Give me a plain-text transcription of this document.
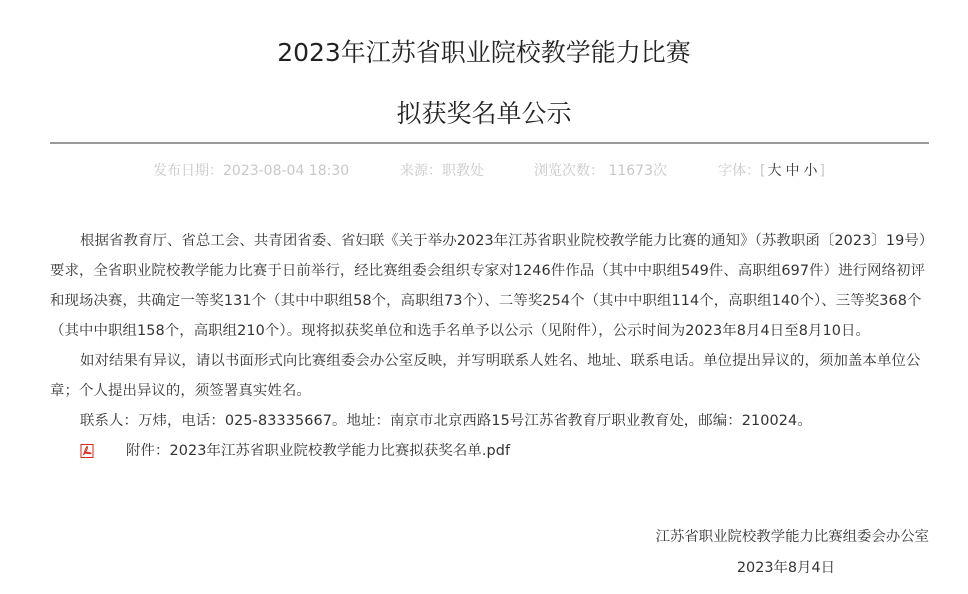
2023年江苏省职业院校教学能力比赛
拟获奖名单公示
发布日期：2023-08-04 18:30	来源：职教处	浏览次数： 11673次	字体：[ 大 中 小 ]

根据省教育厅、省总工会、共青团省委、省妇联《关于举办2023年江苏省职业院校教学能力比赛的通知》（苏教职函〔2023〕19号）要求，全省职业院校教学能力比赛于日前举行，经比赛组委会组织专家对1246件作品（其中中职组549件、高职组697件）进行网络初评和现场决赛，共确定一等奖131个（其中中职组58个，高职组73个）、二等奖254个（其中中职组114个，高职组140个）、三等奖368个（其中中职组158个，高职组210个）。现将拟获奖单位和选手名单予以公示（见附件），公示时间为2023年8月4日至8月10日。

如对结果有异议，请以书面形式向比赛组委会办公室反映，并写明联系人姓名、地址、联系电话。单位提出异议的，须加盖本单位公章；个人提出异议的，须签署真实姓名。

联系人：万炜，电话：025-83335667。地址：南京市北京西路15号江苏省教育厅职业教育处，邮编：210024。

附件：2023年江苏省职业院校教学能力比赛拟获奖名单.pdf

江苏省职业院校教学能力比赛组委会办公室
2023年8月4日
